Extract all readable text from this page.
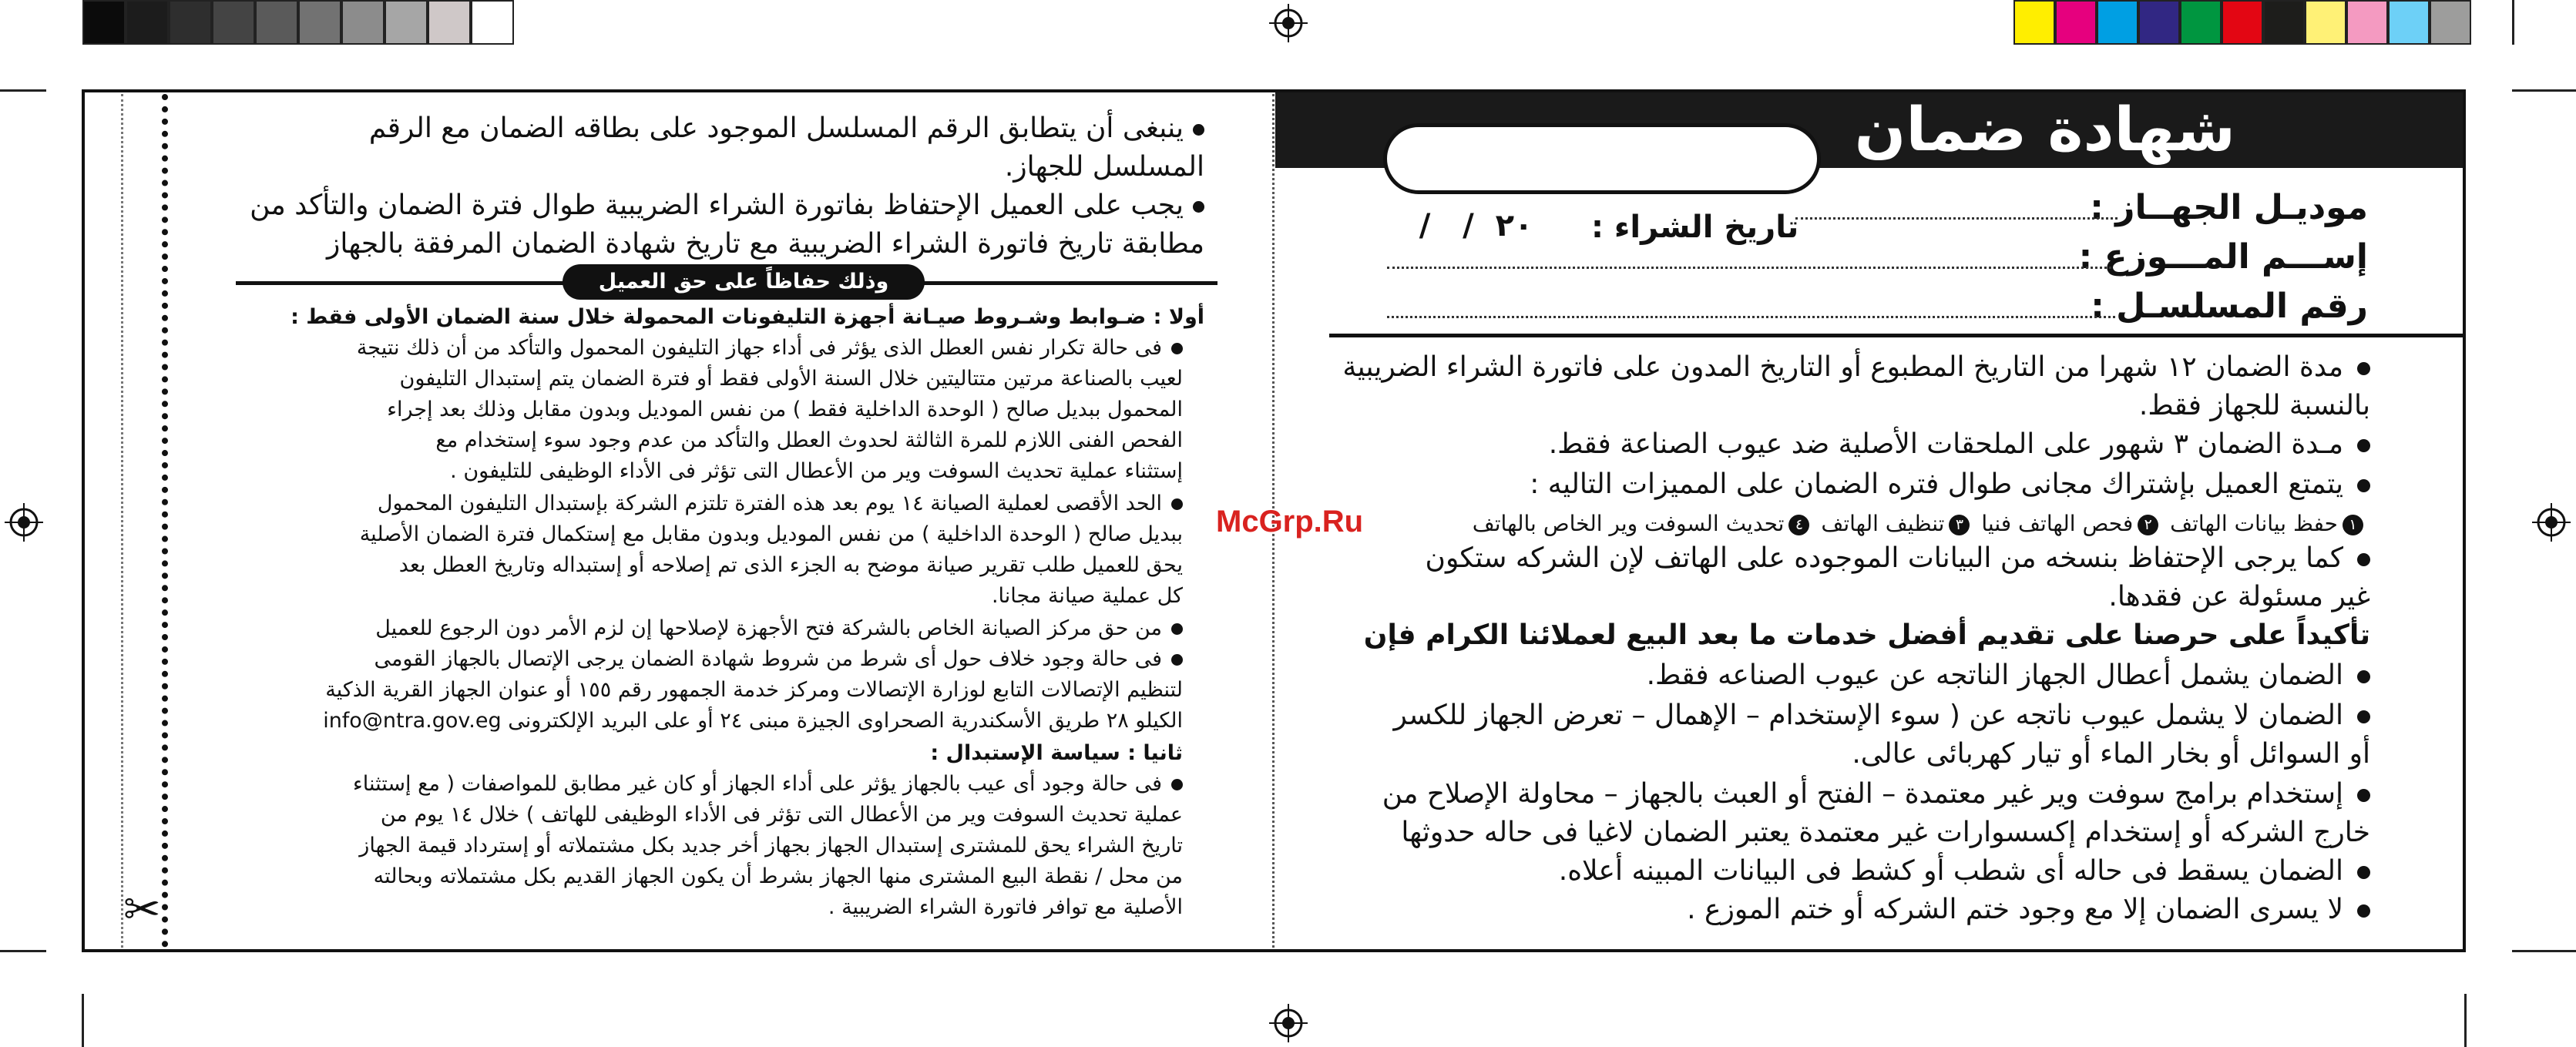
✂
شهادة ضمان
موديـل الجهــاز :
إســـم المـــوزع :
رقم المسلسـل :
تاريخ الشراء :
٢٠  /   /
مدة الضمان ١٢ شهرا من التاريخ المطبوع أو التاريخ المدون على فاتورة الشراء الضريبية
بالنسبة للجهاز فقط.
مـدة الضمان ٣ شهور على الملحقات الأصلية ضد عيوب الصناعة فقط.
يتمتع العميل بإشتراك مجانى طوال فتره الضمان على المميزات التاليه :
١حفظ بيانات الهاتف ٢فحص الهاتف فنيا ٣تنظيف الهاتف ٤تحديث السوفت وير الخاص بالهاتف
كما يرجى الإحتفاظ بنسخه من البيانات الموجوده على الهاتف لإن الشركه ستكون
غير مسئولة عن فقدها.
تأكيداً على حرصنا على تقديم أفضل خدمات ما بعد البيع لعملائنا الكرام فإن
الضمان يشمل أعطال الجهاز الناتجه عن عيوب الصناعه فقط.
الضمان لا يشمل عيوب ناتجه عن ( سوء الإستخدام – الإهمال – تعرض الجهاز للكسر
أو السوائل أو بخار الماء أو تيار كهربائى عالى.
إستخدام برامج سوفت وير غير معتمدة – الفتح أو العبث بالجهاز – محاولة الإصلاح من
خارج الشركه أو إستخدام إكسسوارات غير معتمدة يعتبر الضمان لاغيا فى حاله حدوثها
الضمان يسقط فى حاله أى شطب أو كشط فى البيانات المبينه أعلاه.
لا يسرى الضمان إلا مع وجود ختم الشركه أو ختم الموزع .
ينبغى أن يتطابق الرقم المسلسل الموجود على بطاقه الضمان مع الرقم
المسلسل للجهاز.
يجب على العميل الإحتفاظ بفاتورة الشراء الضريبية طوال فترة الضمان والتأكد من
مطابقة تاريخ فاتورة الشراء الضريبية مع تاريخ شهادة الضمان المرفقة بالجهاز
وذلك حفاظاً على حق العميل
أولا : ضـوابط وشـروط صيـانة أجهزة التليفونات المحمولة خلال سنة الضمان الأولى فقط :
فى حالة تكرار نفس العطل الذى يؤثر فى أداء جهاز التليفون المحمول والتأكد من أن ذلك نتيجة
لعيب بالصناعة مرتين متتاليتين خلال السنة الأولى فقط أو فترة الضمان يتم إستبدال التليفون
المحمول ببديل صالح ( الوحدة الداخلية فقط ) من نفس الموديل وبدون مقابل وذلك بعد إجراء
الفحص الفنى اللازم للمرة الثالثة لحدوث العطل والتأكد من عدم وجود سوء إستخدام مع
إستثناء عملية تحديث السوفت وير من الأعطال التى تؤثر فى الأداء الوظيفى للتليفون .
الحد الأقصى لعملية الصيانة ١٤ يوم بعد هذه الفترة تلتزم الشركة بإستبدال التليفون المحمول
ببديل صالح ( الوحدة الداخلية ) من نفس الموديل وبدون مقابل مع إستكمال فترة الضمان الأصلية
يحق للعميل طلب تقرير صيانة موضح به الجزء الذى تم إصلاحه أو إستبداله وتاريخ العطل بعد
كل عملية صيانة مجانا.
من حق مركز الصيانة الخاص بالشركة فتح الأجهزة لإصلاحها إن لزم الأمر دون الرجوع للعميل
فى حالة وجود خلاف حول أى شرط من شروط شهادة الضمان يرجى الإتصال بالجهاز القومى
لتنظيم الإتصالات التابع لوزارة الإتصالات ومركز خدمة الجمهور رقم ١٥٥ أو عنوان الجهاز القرية الذكية
الكيلو ٢٨ طريق الأسكندرية الصحراوى الجيزة مبنى ٢٤ أو على البريد الإلكترونى info@ntra.gov.eg
ثانيا : سياسة الإستبدال :
فى حالة وجود أى عيب بالجهاز يؤثر على أداء الجهاز أو كان غير مطابق للمواصفات ( مع إستثناء
عملية تحديث السوفت وير من الأعطال التى تؤثر فى الأداء الوظيفى للهاتف ) خلال ١٤ يوم من
تاريخ الشراء يحق للمشترى إستبدال الجهاز بجهاز أخر جديد بكل مشتملاته أو إسترداد قيمة الجهاز
من محل / نقطة البيع المشترى منها الجهاز بشرط أن يكون الجهاز القديم بكل مشتملاته وبحالته
الأصلية مع توافر فاتورة الشراء الضريبية .
McGrp.Ru
